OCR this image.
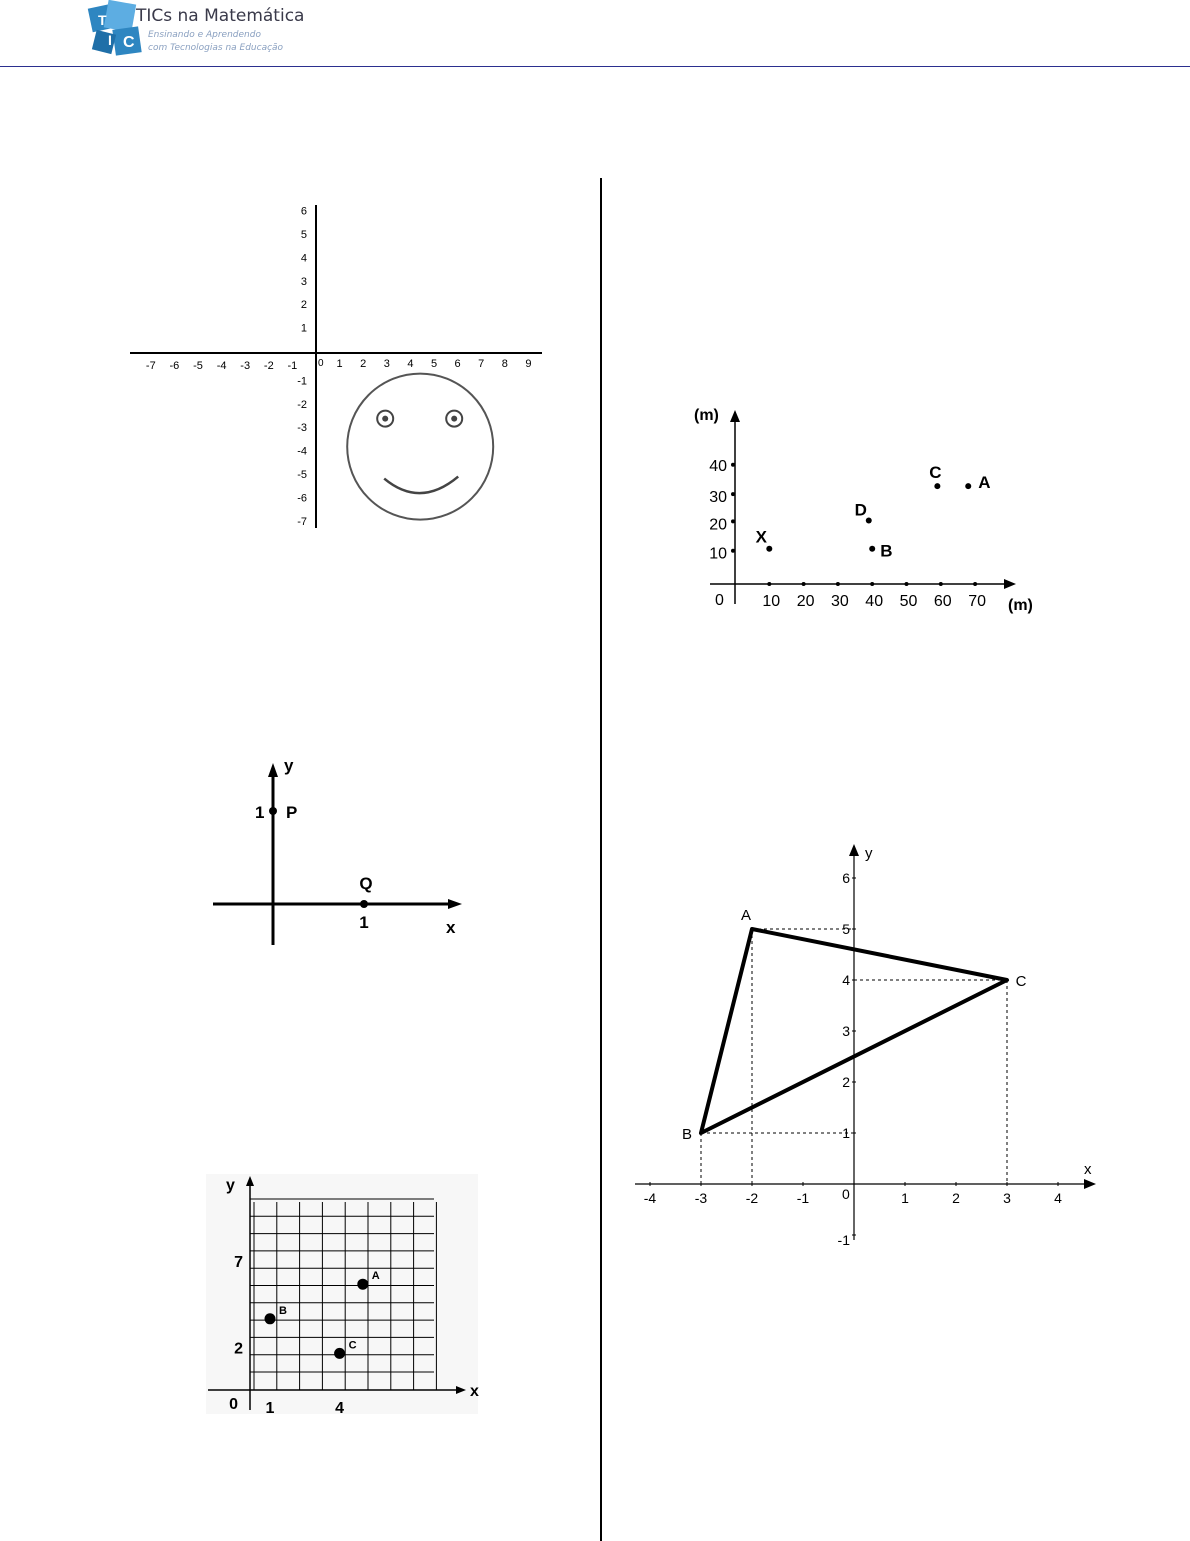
T
I C
TICs na Matemática
Ensinando e Aprendendo
com Tecnologias na Educação
-7 -6 -5 -4 -3 -2 -1 0 1 2 3 4 5 6 7 8 9
1
2
3
4
5
6
-1
-2
-3
-4
-5
-6
-7
(m)
(m)
0 10 20 30 40 50 60 70
10
20
30
40
X
B
D
C
A
x
y
P
1
Q
1
x
y
-4	-3	-2	-1 0	1	2	3	4
-1
1
2
3
4
5
6
A
B
C
x
y
0 1	4
2
7
A
B
C
